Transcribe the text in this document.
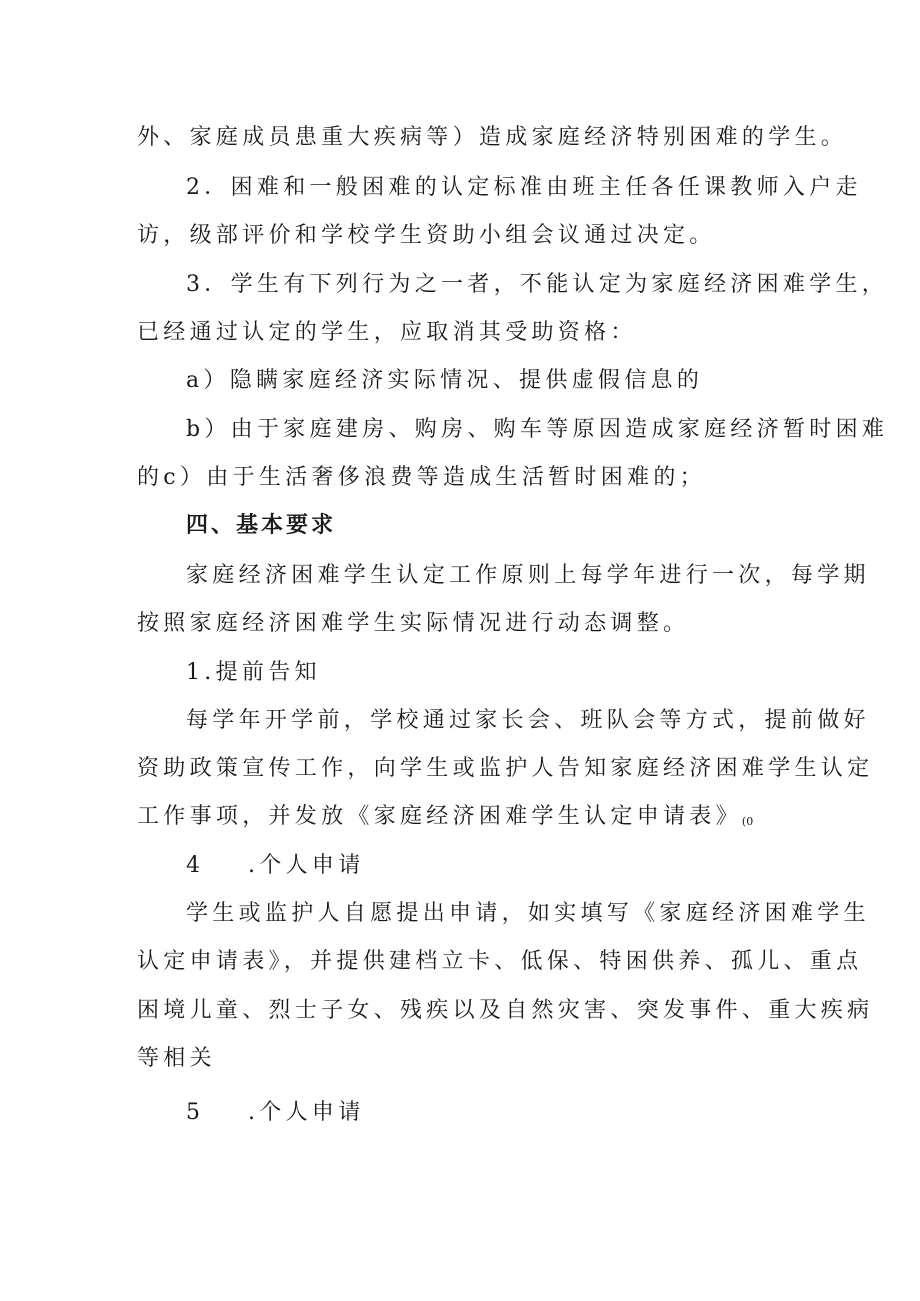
外、家庭成员患重大疾病等）造成家庭经济特别困难的学生。
2．困难和一般困难的认定标准由班主任各任课教师入户走
访，级部评价和学校学生资助小组会议通过决定。
3．学生有下列行为之一者，不能认定为家庭经济困难学生，
已经通过认定的学生，应取消其受助资格：
a）隐瞒家庭经济实际情况、提供虚假信息的
b）由于家庭建房、购房、购车等原因造成家庭经济暂时困难
的c）由于生活奢侈浪费等造成生活暂时困难的；
四、基本要求
家庭经济困难学生认定工作原则上每学年进行一次，每学期
按照家庭经济困难学生实际情况进行动态调整。
1.提前告知
每学年开学前，学校通过家长会、班队会等方式，提前做好
资助政策宣传工作，向学生或监护人告知家庭经济困难学生认定
工作事项，并发放《家庭经济困难学生认定申请表》(0
4 .个人申请
学生或监护人自愿提出申请，如实填写《家庭经济困难学生
认定申请表》，并提供建档立卡、低保、特困供养、孤儿、重点
困境儿童、烈士子女、残疾以及自然灾害、突发事件、重大疾病
等相关
5 .个人申请
